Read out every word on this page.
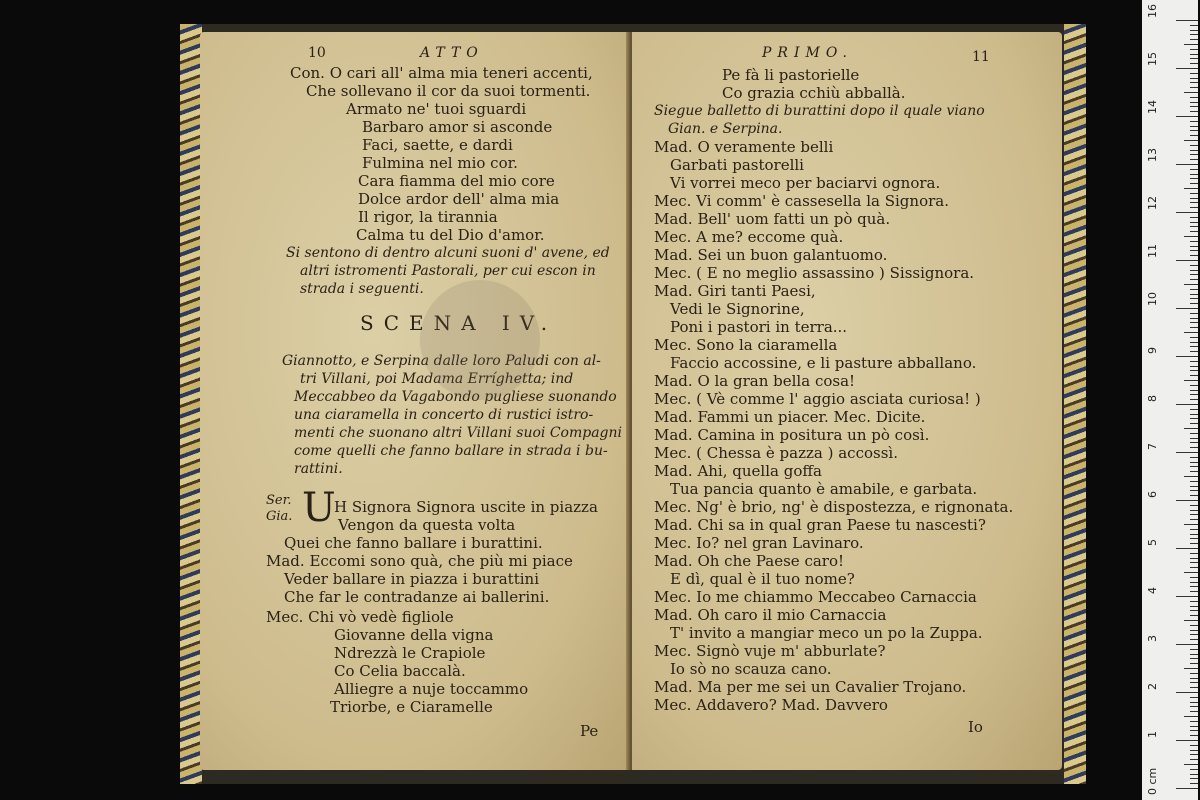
10	ATTO
Con. O cari all' alma mia teneri accenti,
Che sollevano il cor da suoi tormenti.
Armato ne' tuoi sguardi
Barbaro amor si asconde
Faci, saette, e dardi
Fulmina nel mio cor.
Cara fiamma del mio core
Dolce ardor dell' alma mia
Il rigor, la tirannia
Calma tu del Dio d'amor.
Si sentono di dentro alcuni suoni d' avene, ed
altri istromenti Pastorali, per cui escon in
strada i seguenti.
SCENA IV.
Giannotto, e Serpina dalle loro Paludi con al-
tri Villani, poi Madama Erríghetta; ind
Meccabbeo da Vagabondo pugliese suonando
una ciaramella in concerto di rustici istro-
menti che suonano altri Villani suoi Compagni
come quelli che fanno ballare in strada i bu-
rattini.
Ser.
Gia. U
H Signora Signora uscite in piazza
Vengon da questa volta
Quei che fanno ballare i burattini.
Mad. Eccomi sono quà, che più mi piace
Veder ballare in piazza i burattini
Che far le contradanze ai ballerini.
Mec. Chi vò vedè figliole
Giovanne della vigna
Ndrezzà le Crapiole
Co Celia baccalà.
Alliegre a nuje toccammo
Triorbe, e Ciaramelle
Pe
PRIMO.	11
Pe fà li pastorielle
Co grazia cchiù abballà.
Siegue balletto di burattini dopo il quale viano
Gian. e Serpina.
Mad. O veramente belli
Garbati pastorelli
Vi vorrei meco per baciarvi ognora.
Mec. Vi comm' è cassesella la Signora.
Mad. Bell' uom fatti un pò quà.
Mec. A me? eccome quà.
Mad. Sei un buon galantuomo.
Mec. ( E no meglio assassino ) Sissignora.
Mad. Giri tanti Paesi,
Vedi le Signorine,
Poni i pastori in terra...
Mec. Sono la ciaramella
Faccio accossine, e li pasture abballano.
Mad. O la gran bella cosa!
Mec. ( Vè comme l' aggio asciata curiosa! )
Mad. Fammi un piacer. Mec. Dicite.
Mad. Camina in positura un pò così.
Mec. ( Chessa è pazza ) accossì.
Mad. Ahi, quella goffa
Tua pancia quanto è amabile, e garbata.
Mec. Ng' è brio, ng' è dispostezza, e rignonata.
Mad. Chi sa in qual gran Paese tu nascesti?
Mec. Io? nel gran Lavinaro.
Mad. Oh che Paese caro!
E dì, qual è il tuo nome?
Mec. Io me chiammo Meccabeo Carnaccia
Mad. Oh caro il mio Carnaccia
T' invito a mangiar meco un po la Zuppa.
Mec. Signò vuje m' abburlate?
Io sò no scauza cano.
Mad. Ma per me sei un Cavalier Trojano.
Mec. Addavero? Mad. Davvero
Io
0 cm
1
2
3
4
5
6
7
8
9
10
11
12
13
14
15
16
